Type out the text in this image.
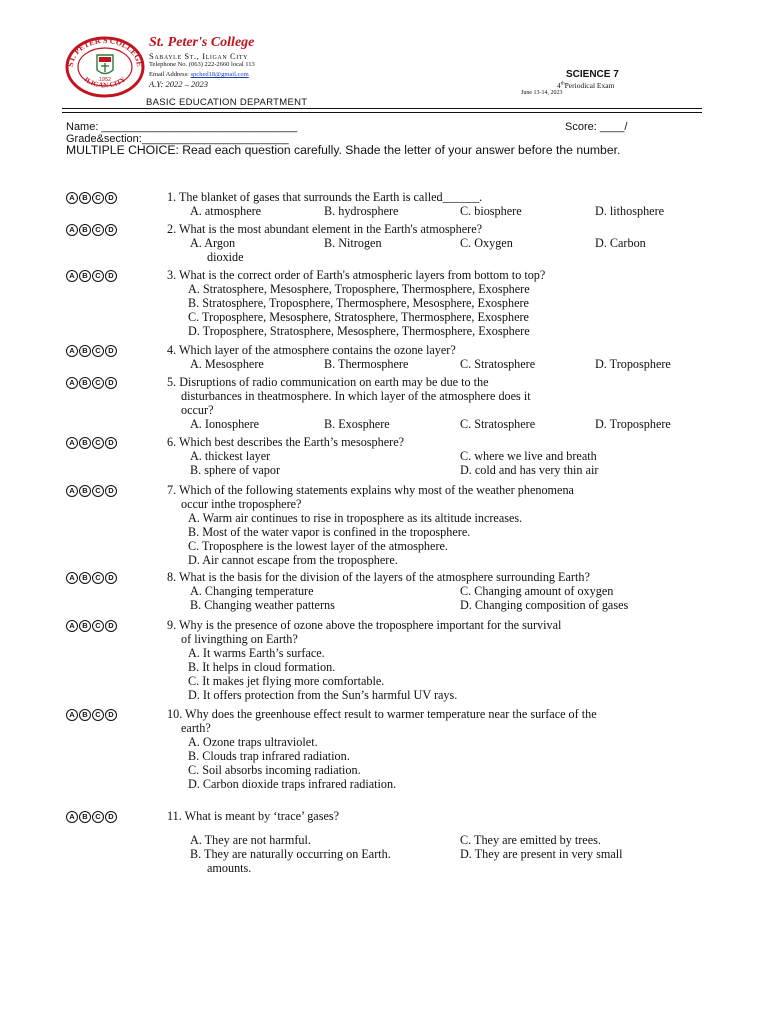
ST. PETER'S COLLEGE
ILIGAN CITY
1952
St. Peter's College
Sabayle St., Iligan City
Telephone No. (063) 222-2660 local 113
Email Address: spched18@gmail.com
A.Y: 2022 – 2023
BASIC EDUCATION DEPARTMENT
SCIENCE 7
4thPeriodical Exam
June 13-14, 2023
Name: ________________________________
Grade&section:________________________
Score: ____/
MULTIPLE CHOICE: Read each question carefully. Shade the letter of your answer before the number.
A	B	C	D	1. The blanket of gases that surrounds the Earth is called______.
A. atmosphere	B. hydrosphere	C. biosphere	D. lithosphere
A	B	C	D	2. What is the most abundant element in the Earth's atmosphere?
A. Argon	B. Nitrogen	C. Oxygen	D. Carbon
dioxide
A	B	C	D	3. What is the correct order of Earth's atmospheric layers from bottom to top?
A. Stratosphere, Mesosphere, Troposphere, Thermosphere, Exosphere
B. Stratosphere, Troposphere, Thermosphere, Mesosphere, Exosphere
C. Troposphere, Mesosphere, Stratosphere, Thermosphere, Exosphere
D. Troposphere, Stratosphere, Mesosphere, Thermosphere, Exosphere
A	B	C	D	4. Which layer of the atmosphere contains the ozone layer?
A. Mesosphere	B. Thermosphere	C. Stratosphere	D. Troposphere
A	B	C	D	5. Disruptions of radio communication on earth may be due to the
disturbances in theatmosphere. In which layer of the atmosphere does it
occur?
A. Ionosphere	B. Exosphere	C. Stratosphere	D. Troposphere
A	B	C	D	6. Which best describes the Earth’s mesosphere?
A. thickest layer	C. where we live and breath
B. sphere of vapor	D. cold and has very thin air
A	B	C	D	7. Which of the following statements explains why most of the weather phenomena
occur inthe troposphere?
A. Warm air continues to rise in troposphere as its altitude increases.
B. Most of the water vapor is confined in the troposphere.
C. Troposphere is the lowest layer of the atmosphere.
D. Air cannot escape from the troposphere.
A	B	C	D	8. What is the basis for the division of the layers of the atmosphere surrounding Earth?
A. Changing temperature	C. Changing amount of oxygen
B. Changing weather patterns	D. Changing composition of gases
A	B	C	D	9. Why is the presence of ozone above the troposphere important for the survival
of livingthing on Earth?
A. It warms Earth’s surface.
B. It helps in cloud formation.
C. It makes jet flying more comfortable.
D. It offers protection from the Sun’s harmful UV rays.
A	B	C	D	10. Why does the greenhouse effect result to warmer temperature near the surface of the
earth?
A. Ozone traps ultraviolet.
B. Clouds trap infrared radiation.
C. Soil absorbs incoming radiation.
D. Carbon dioxide traps infrared radiation.
A	B	C	D	11. What is meant by ‘trace’ gases?
A. They are not harmful.	C. They are emitted by trees.
B. They are naturally occurring on Earth.	D. They are present in very small
amounts.
